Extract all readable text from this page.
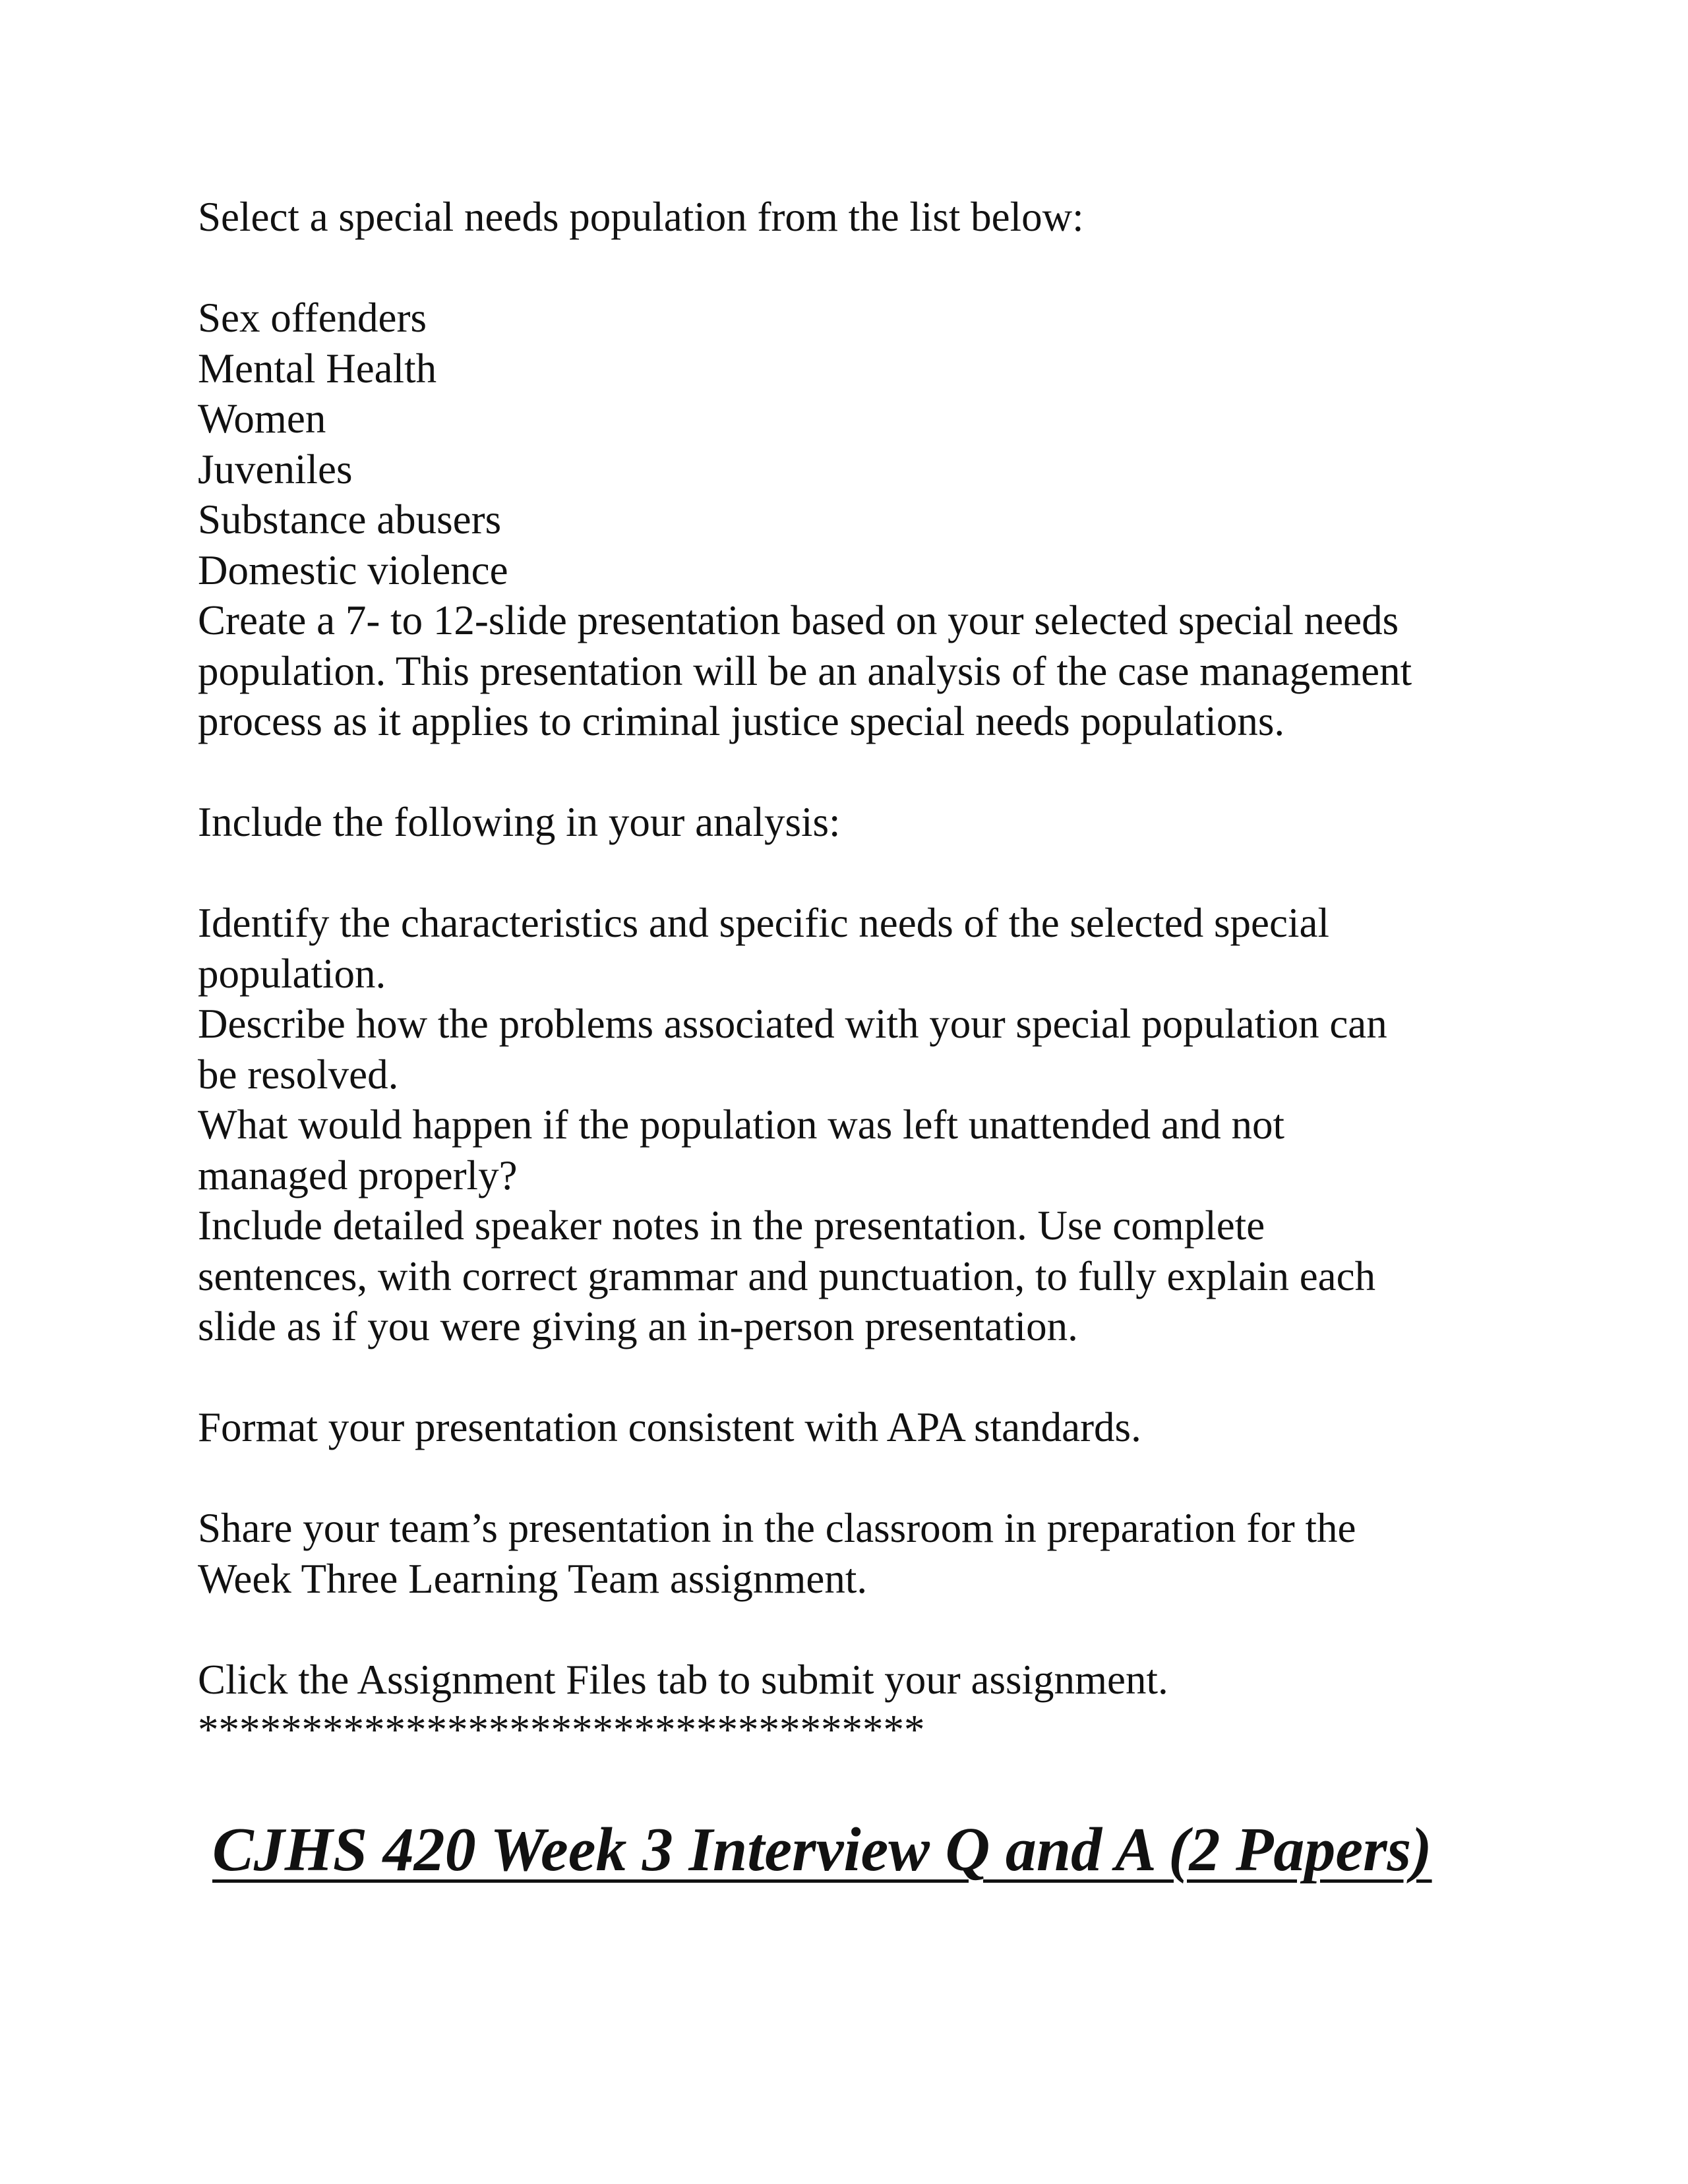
Select a special needs population from the list below:
Sex offenders
Mental Health
Women
Juveniles
Substance abusers
Domestic violence
Create a 7- to 12-slide presentation based on your selected special needs
population. This presentation will be an analysis of the case management
process as it applies to criminal justice special needs populations.
Include the following in your analysis:
Identify the characteristics and specific needs of the selected special
population.
Describe how the problems associated with your special population can
be resolved.
What would happen if the population was left unattended and not
managed properly?
Include detailed speaker notes in the presentation. Use complete
sentences, with correct grammar and punctuation, to fully explain each
slide as if you were giving an in-person presentation.
Format your presentation consistent with APA standards.
Share your team’s presentation in the classroom in preparation for the
Week Three Learning Team assignment.
Click the Assignment Files tab to submit your assignment.
***********************************
CJHS 420 Week 3 Interview Q and A (2 Papers)
